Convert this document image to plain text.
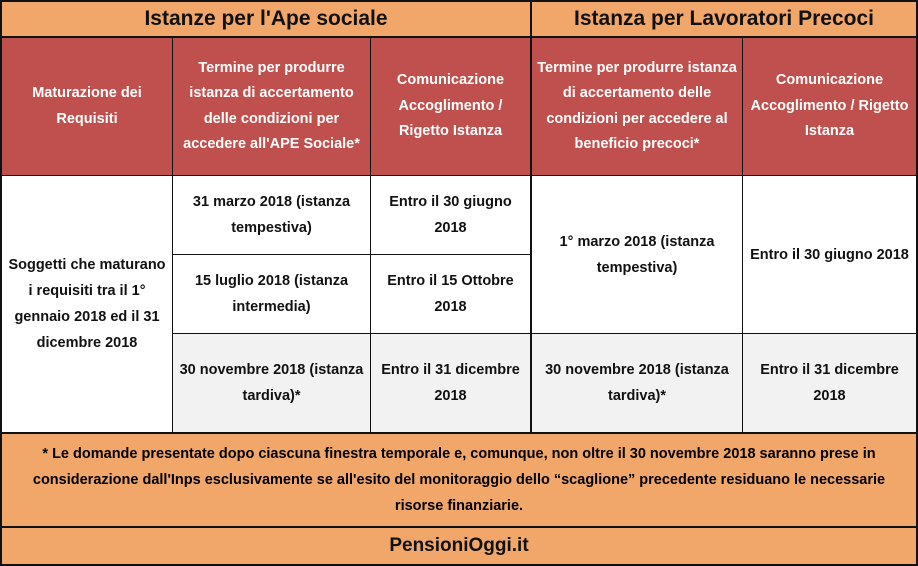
Istanze per l'Ape sociale	Istanza per Lavoratori Precoci
Maturazione dei Requisiti
Termine per produrre istanza di accertamento delle condizioni per accedere all'APE Sociale*
Comunicazione Accoglimento / Rigetto Istanza
Termine per produrre istanza di accertamento delle condizioni per accedere al beneficio precoci*
Comunicazione Accoglimento / Rigetto Istanza
Soggetti che maturano i requisiti tra il 1° gennaio 2018 ed il 31 dicembre 2018
31 marzo 2018 (istanza tempestiva)
Entro il 30 giugno 2018
15 luglio 2018 (istanza intermedia)
Entro il 15 Ottobre 2018
30 novembre 2018 (istanza tardiva)*
Entro il 31 dicembre 2018
1° marzo 2018 (istanza tempestiva)
Entro il 30 giugno 2018
30 novembre 2018 (istanza tardiva)*
Entro il 31 dicembre 2018
* Le domande presentate dopo ciascuna finestra temporale e, comunque, non oltre il 30 novembre 2018 saranno prese in considerazione dall'Inps esclusivamente se all'esito del monitoraggio dello “scaglione” precedente residuano le necessarie risorse finanziarie.
PensioniOggi.it
